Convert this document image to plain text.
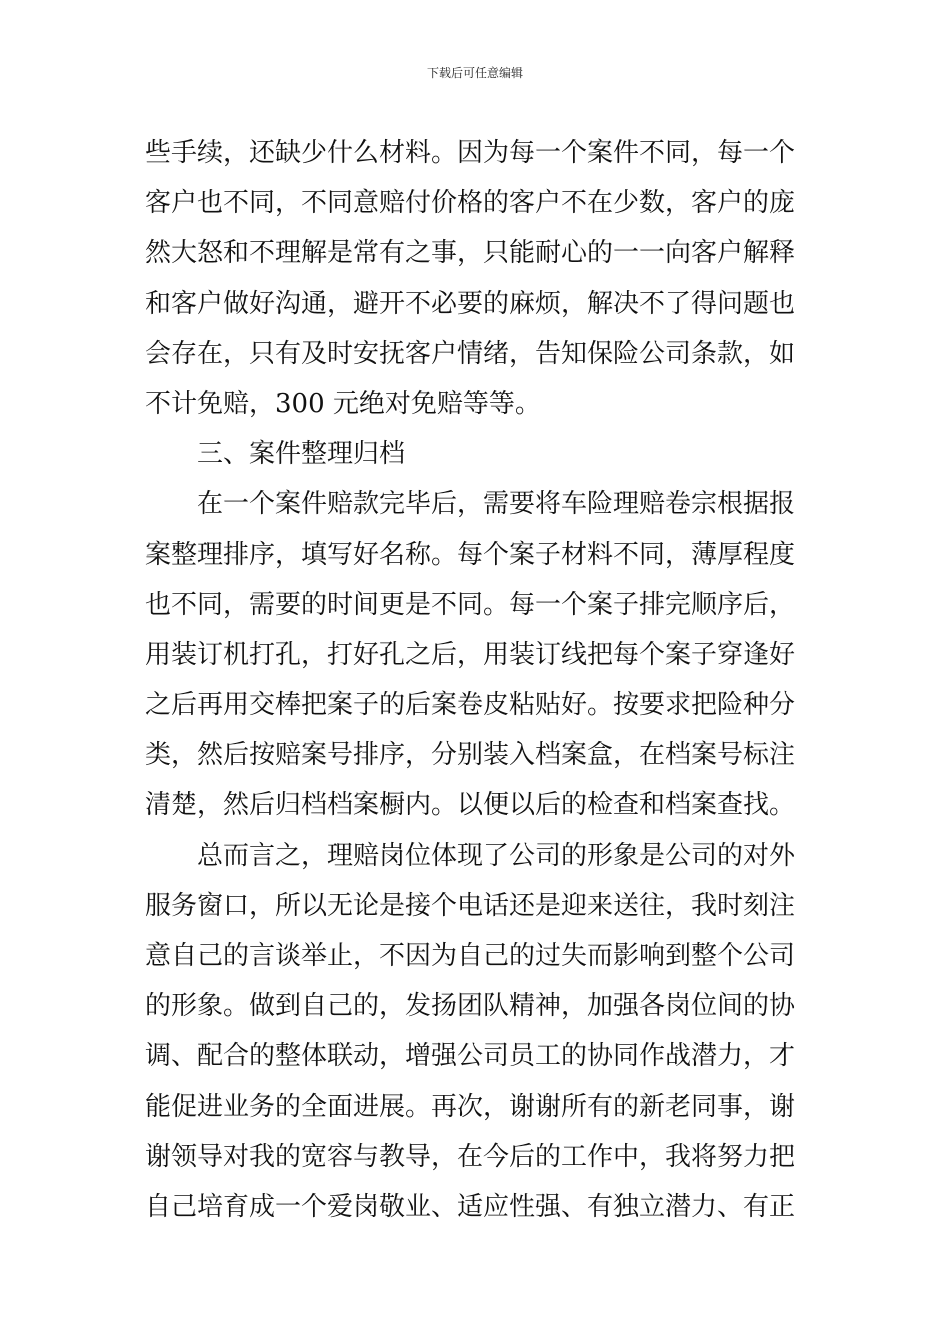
下载后可任意编辑
些手续，还缺少什么材料。因为每一个案件不同，每一个
客户也不同，不同意赔付价格的客户不在少数，客户的庞
然大怒和不理解是常有之事，只能耐心的一一向客户解释
和客户做好沟通，避开不必要的麻烦，解决不了得问题也
会存在，只有及时安抚客户情绪，告知保险公司条款，如
不计免赔，300 元绝对免赔等等。
三、案件整理归档
在一个案件赔款完毕后，需要将车险理赔卷宗根据报
案整理排序，填写好名称。每个案子材料不同，薄厚程度
也不同，需要的时间更是不同。每一个案子排完顺序后，
用装订机打孔，打好孔之后，用装订线把每个案子穿逢好
之后再用交棒把案子的后案卷皮粘贴好。按要求把险种分
类，然后按赔案号排序，分别装入档案盒，在档案号标注
清楚，然后归档档案橱内。以便以后的检查和档案查找。
总而言之，理赔岗位体现了公司的形象是公司的对外
服务窗口，所以无论是接个电话还是迎来送往，我时刻注
意自己的言谈举止，不因为自己的过失而影响到整个公司
的形象。做到自己的，发扬团队精神，加强各岗位间的协
调、配合的整体联动，增强公司员工的协同作战潜力，才
能促进业务的全面进展。再次，谢谢所有的新老同事，谢
谢领导对我的宽容与教导，在今后的工作中，我将努力把
自己培育成一个爱岗敬业、适应性强、有独立潜力、有正
